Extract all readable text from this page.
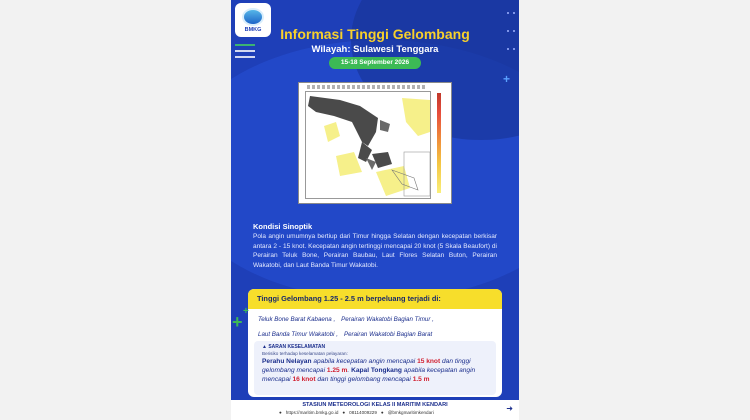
BMKG	Informasi Tinggi Gelombang
Wilayah: Sulawesi Tenggara
15-18 September 2026
Kondisi Sinoptik
Pola angin umumnya bertiup dari Timur hingga Selatan dengan kecepatan berkisar antara 2 - 15 knot. Kecepatan angin tertinggi mencapai 20 knot (5 Skala Beaufort) di Perairan Teluk Bone, Perairan Baubau, Laut Flores Selatan Buton, Perairan Wakatobi, dan Laut Banda Timur Wakatobi.
Tinggi Gelombang 1.25 - 2.5 m berpeluang terjadi di:
Teluk Bone Barat Kabaena , Perairan Wakatobi Bagian Timur ,
Laut Banda Timur Wakatobi , Perairan Wakatobi Bagian Barat
▲ SARAN KESELAMATAN
Berisiko terhadap keselamatan pelayaran:
Perahu Nelayan apabila kecepatan angin mencapai 15 knot dan tinggi gelombang mencapai 1.25 m. Kapal Tongkang apabila kecepatan angin mencapai 16 knot dan tinggi gelombang mencapai 1.5 m
STASIUN METEOROLOGI KELAS II MARITIM KENDARI
● https://maritim.bmkg.go.id ● 08114009229 ● @bmkgmaritimkendari	➜
+
+
+
